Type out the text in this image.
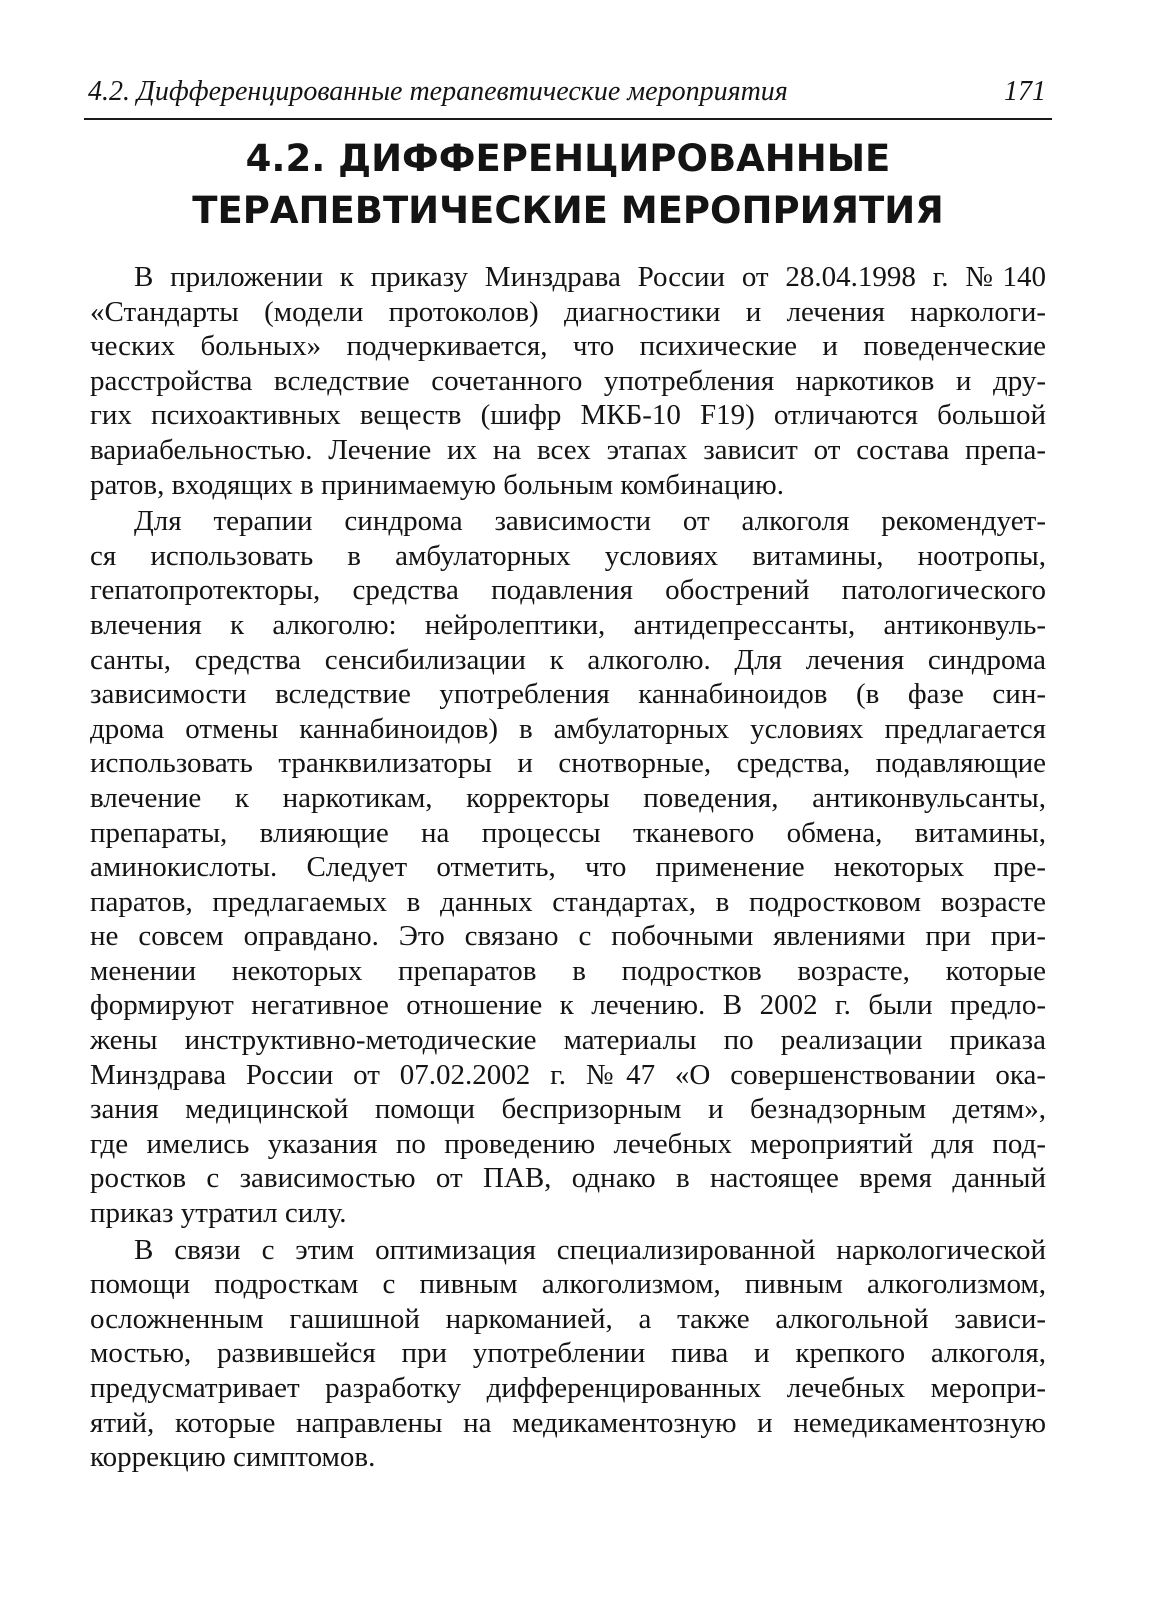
4.2. Дифференцированные терапевтические мероприятия	171
4.2. ДИФФЕРЕНЦИРОВАННЫЕ
ТЕРАПЕВТИЧЕСКИЕ МЕРОПРИЯТИЯ

В приложении к приказу Минздрава России от 28.04.1998 г. №140
«Стандарты (модели протоколов) диагностики и лечения наркологи-
ческих больных» подчеркивается, что психические и поведенческие
расстройства вследствие сочетанного употребления наркотиков и дру-
гих психоактивных веществ (шифр МКБ-10 F19) отличаются большой
вариабельностью. Лечение их на всех этапах зависит от состава препа-
ратов, входящих в принимаемую больным комбинацию.

Для терапии синдрома зависимости от алкоголя рекомендует-
ся использовать в амбулаторных условиях витамины, ноотропы,
гепатопротекторы, средства подавления обострений патологического
влечения к алкоголю: нейролептики, антидепрессанты, антиконвуль-
санты, средства сенсибилизации к алкоголю. Для лечения синдрома
зависимости вследствие употребления каннабиноидов (в фазе син-
дрома отмены каннабиноидов) в амбулаторных условиях предлагается
использовать транквилизаторы и снотворные, средства, подавляющие
влечение к наркотикам, корректоры поведения, антиконвульсанты,
препараты, влияющие на процессы тканевого обмена, витамины,
аминокислоты. Следует отметить, что применение некоторых пре-
паратов, предлагаемых в данных стандартах, в подростковом возрасте
не совсем оправдано. Это связано с побочными явлениями при при-
менении некоторых препаратов в подростков возрасте, которые
формируют негативное отношение к лечению. В 2002 г. были предло-
жены инструктивно-методические материалы по реализации приказа
Минздрава России от 07.02.2002 г. №47 «О совершенствовании ока-
зания медицинской помощи беспризорным и безнадзорным детям»,
где имелись указания по проведению лечебных мероприятий для под-
ростков с зависимостью от ПАВ, однако в настоящее время данный
приказ утратил силу.

В связи с этим оптимизация специализированной наркологической
помощи подросткам с пивным алкоголизмом, пивным алкоголизмом,
осложненным гашишной наркоманией, а также алкогольной зависи-
мостью, развившейся при употреблении пива и крепкого алкоголя,
предусматривает разработку дифференцированных лечебных меропри-
ятий, которые направлены на медикаментозную и немедикаментозную
коррекцию симптомов.
